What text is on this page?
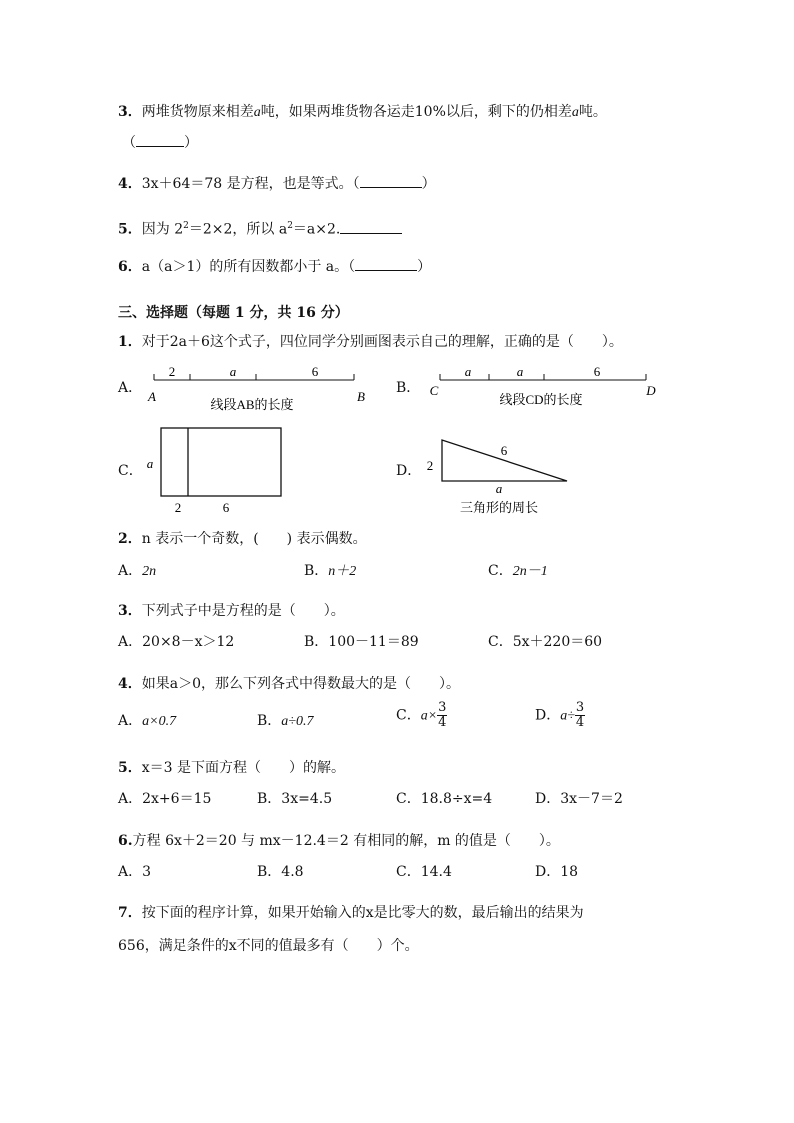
3．两堆货物原来相差a吨，如果两堆货物各运走10%以后，剩下的仍相差a吨。
（	）
4．3x＋64＝78 是方程，也是等式。（	）
5．因为 $2^2=2\times 2$，所以 $a^2=a\times 2$.
6．a（a＞1）的所有因数都小于 a。（	）
三、选择题（每题 1 分，共 16 分）
1．对于2a＋6这个式子，四位同学分别画图表示自己的理解，正确的是（　　）。
A．
2	a	6
A	B
线段AB的长度
B．
a	a	6
C	D
线段CD的长度
C． a
2	6
D． 2
6
a
三角形的周长
2．n 表示一个奇数，(　　) 表示偶数。
A．2n	B．n＋2	C．2n－1
3．下列式子中是方程的是（　　）。
A．20×8－x＞12	B．100－11＝89	C．5x＋220＝60
4．如果a＞0，那么下列各式中得数最大的是（　　）。
A．a×0.7	B．a÷0.7	C．$a\times \frac{3}{4}$	D．$a\div \frac{3}{4}$
5．x＝3 是下面方程（　　）的解。
A．2x+6＝15	B．3x=4.5	C．18.8÷x=4	D．3x－7＝2
6.方程 6x＋2＝20 与 mx－12.4＝2 有相同的解，m 的值是（　　）。
A．3	B．4.8	C．14.4	D．18
7．按下面的程序计算，如果开始输入的x是比零大的数，最后输出的结果为
656，满足条件的x不同的值最多有（　　）个。
